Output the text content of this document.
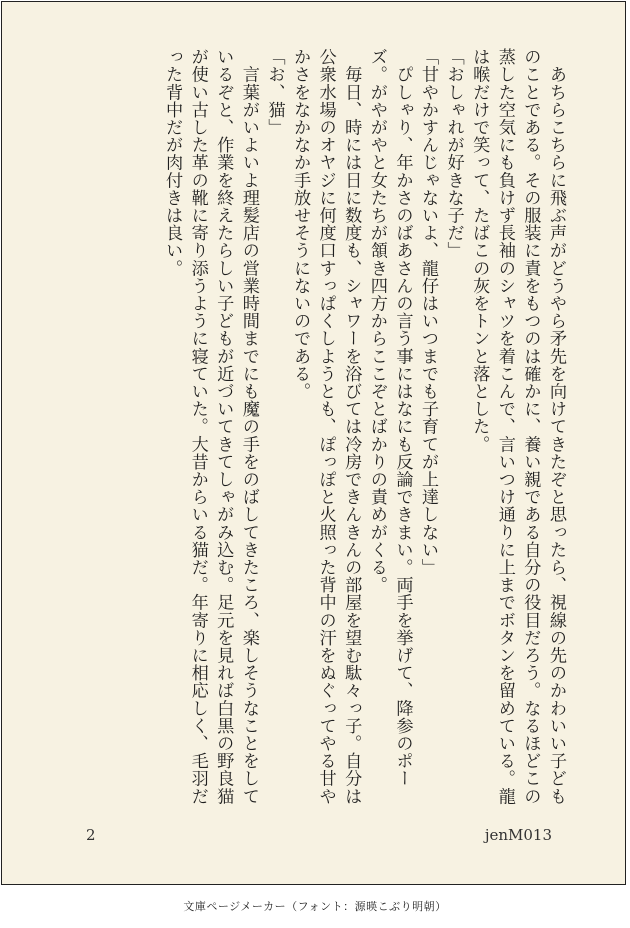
　あちらこちらに飛ぶ声がどうやら矛先を向けてきたぞと思ったら、視線の先のかわいい子どものことである。その服装に責をもつのは確かに、養い親である自分の役目だろう。なるほどこの蒸した空気にも負けず長袖のシャツを着こんで、言いつけ通りに上までボタンを留めている。龍は喉だけで笑って、たばこの灰をトンと落とした。

「おしゃれが好きな子だ」

「甘やかすんじゃないよ、龍仔はいつまでも子育てが上達しない」

　ぴしゃり、年かさのばあさんの言う事にはなにも反論できまい。両手を挙げて、降参のポーズ。がやがやと女たちが頷き四方からここぞとばかりの責めがくる。

　毎日、時には日に数度も、シャワーを浴びては冷房できんきんの部屋を望む駄々っ子。自分は公衆水場のオヤジに何度口すっぱくしようとも、ぽっぽと火照った背中の汗をぬぐってやる甘やかさをなかなか手放せそうにないのである。

「お、猫」

　言葉がいよいよ理髪店の営業時間までにも魔の手をのばしてきたころ、楽しそうなことをしているぞと、作業を終えたらしい子どもが近づいてきてしゃがみ込む。足元を見れば白黒の野良猫が使い古した革の靴に寄り添うように寝ていた。大昔からいる猫だ。年寄りに相応しく、毛羽だった背中だが肉付きは良い。

2	jenM013
文庫ページメーカー（フォント：源暎こぶり明朝）
